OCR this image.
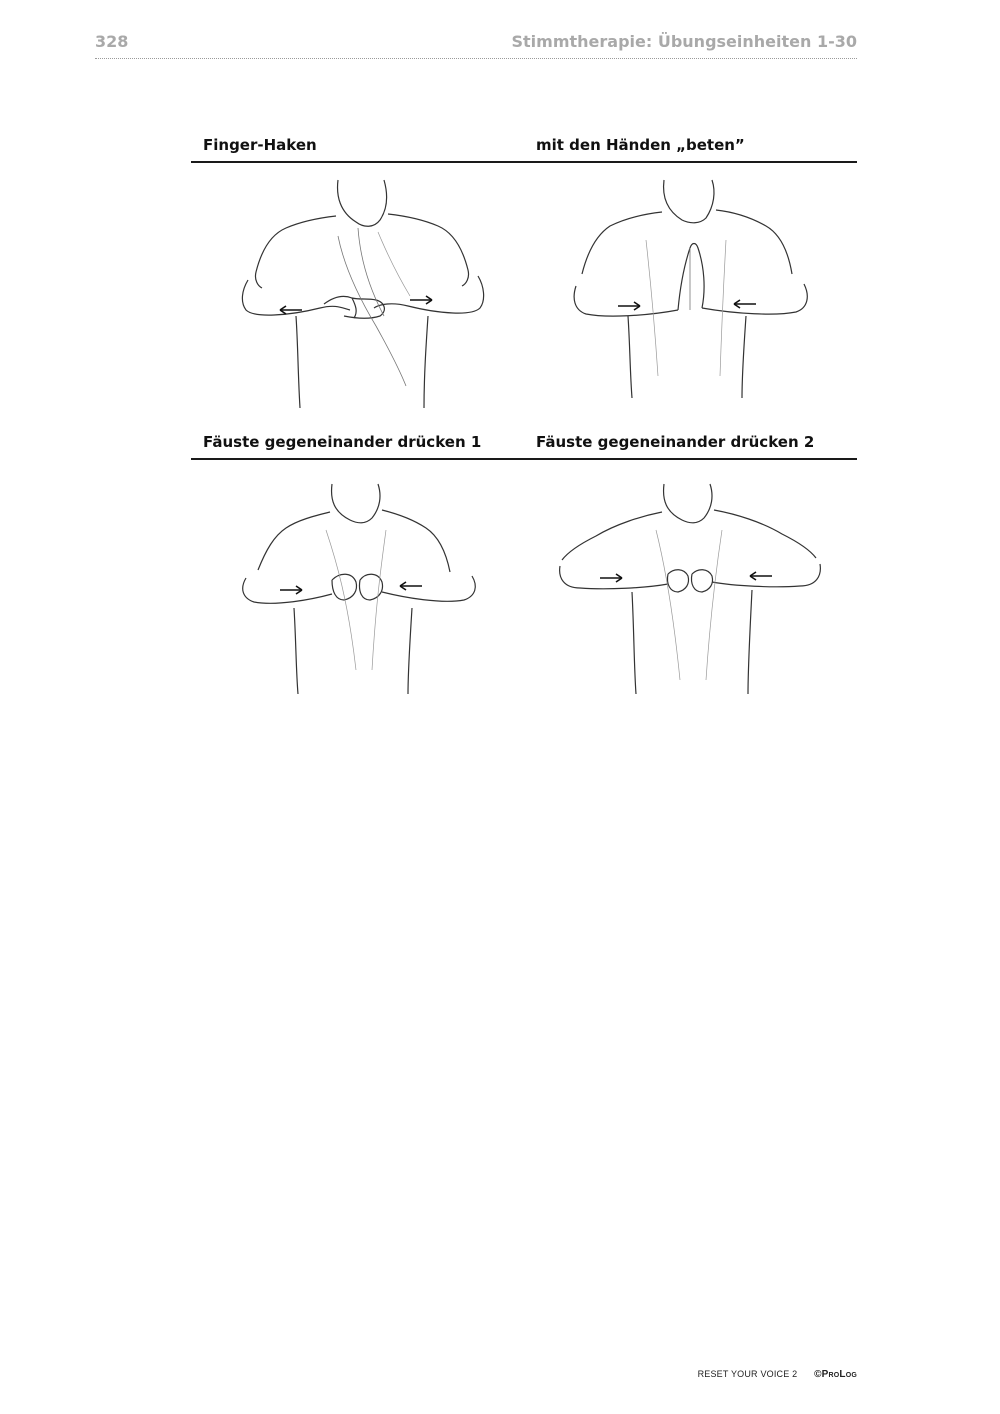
328	Stimmtherapie: Übungseinheiten 1-30
Finger-Haken	mit den Händen „beten”
Fäuste gegeneinander drücken 1	Fäuste gegeneinander drücken 2
RESET YOUR VOICE 2 ©ProLog
